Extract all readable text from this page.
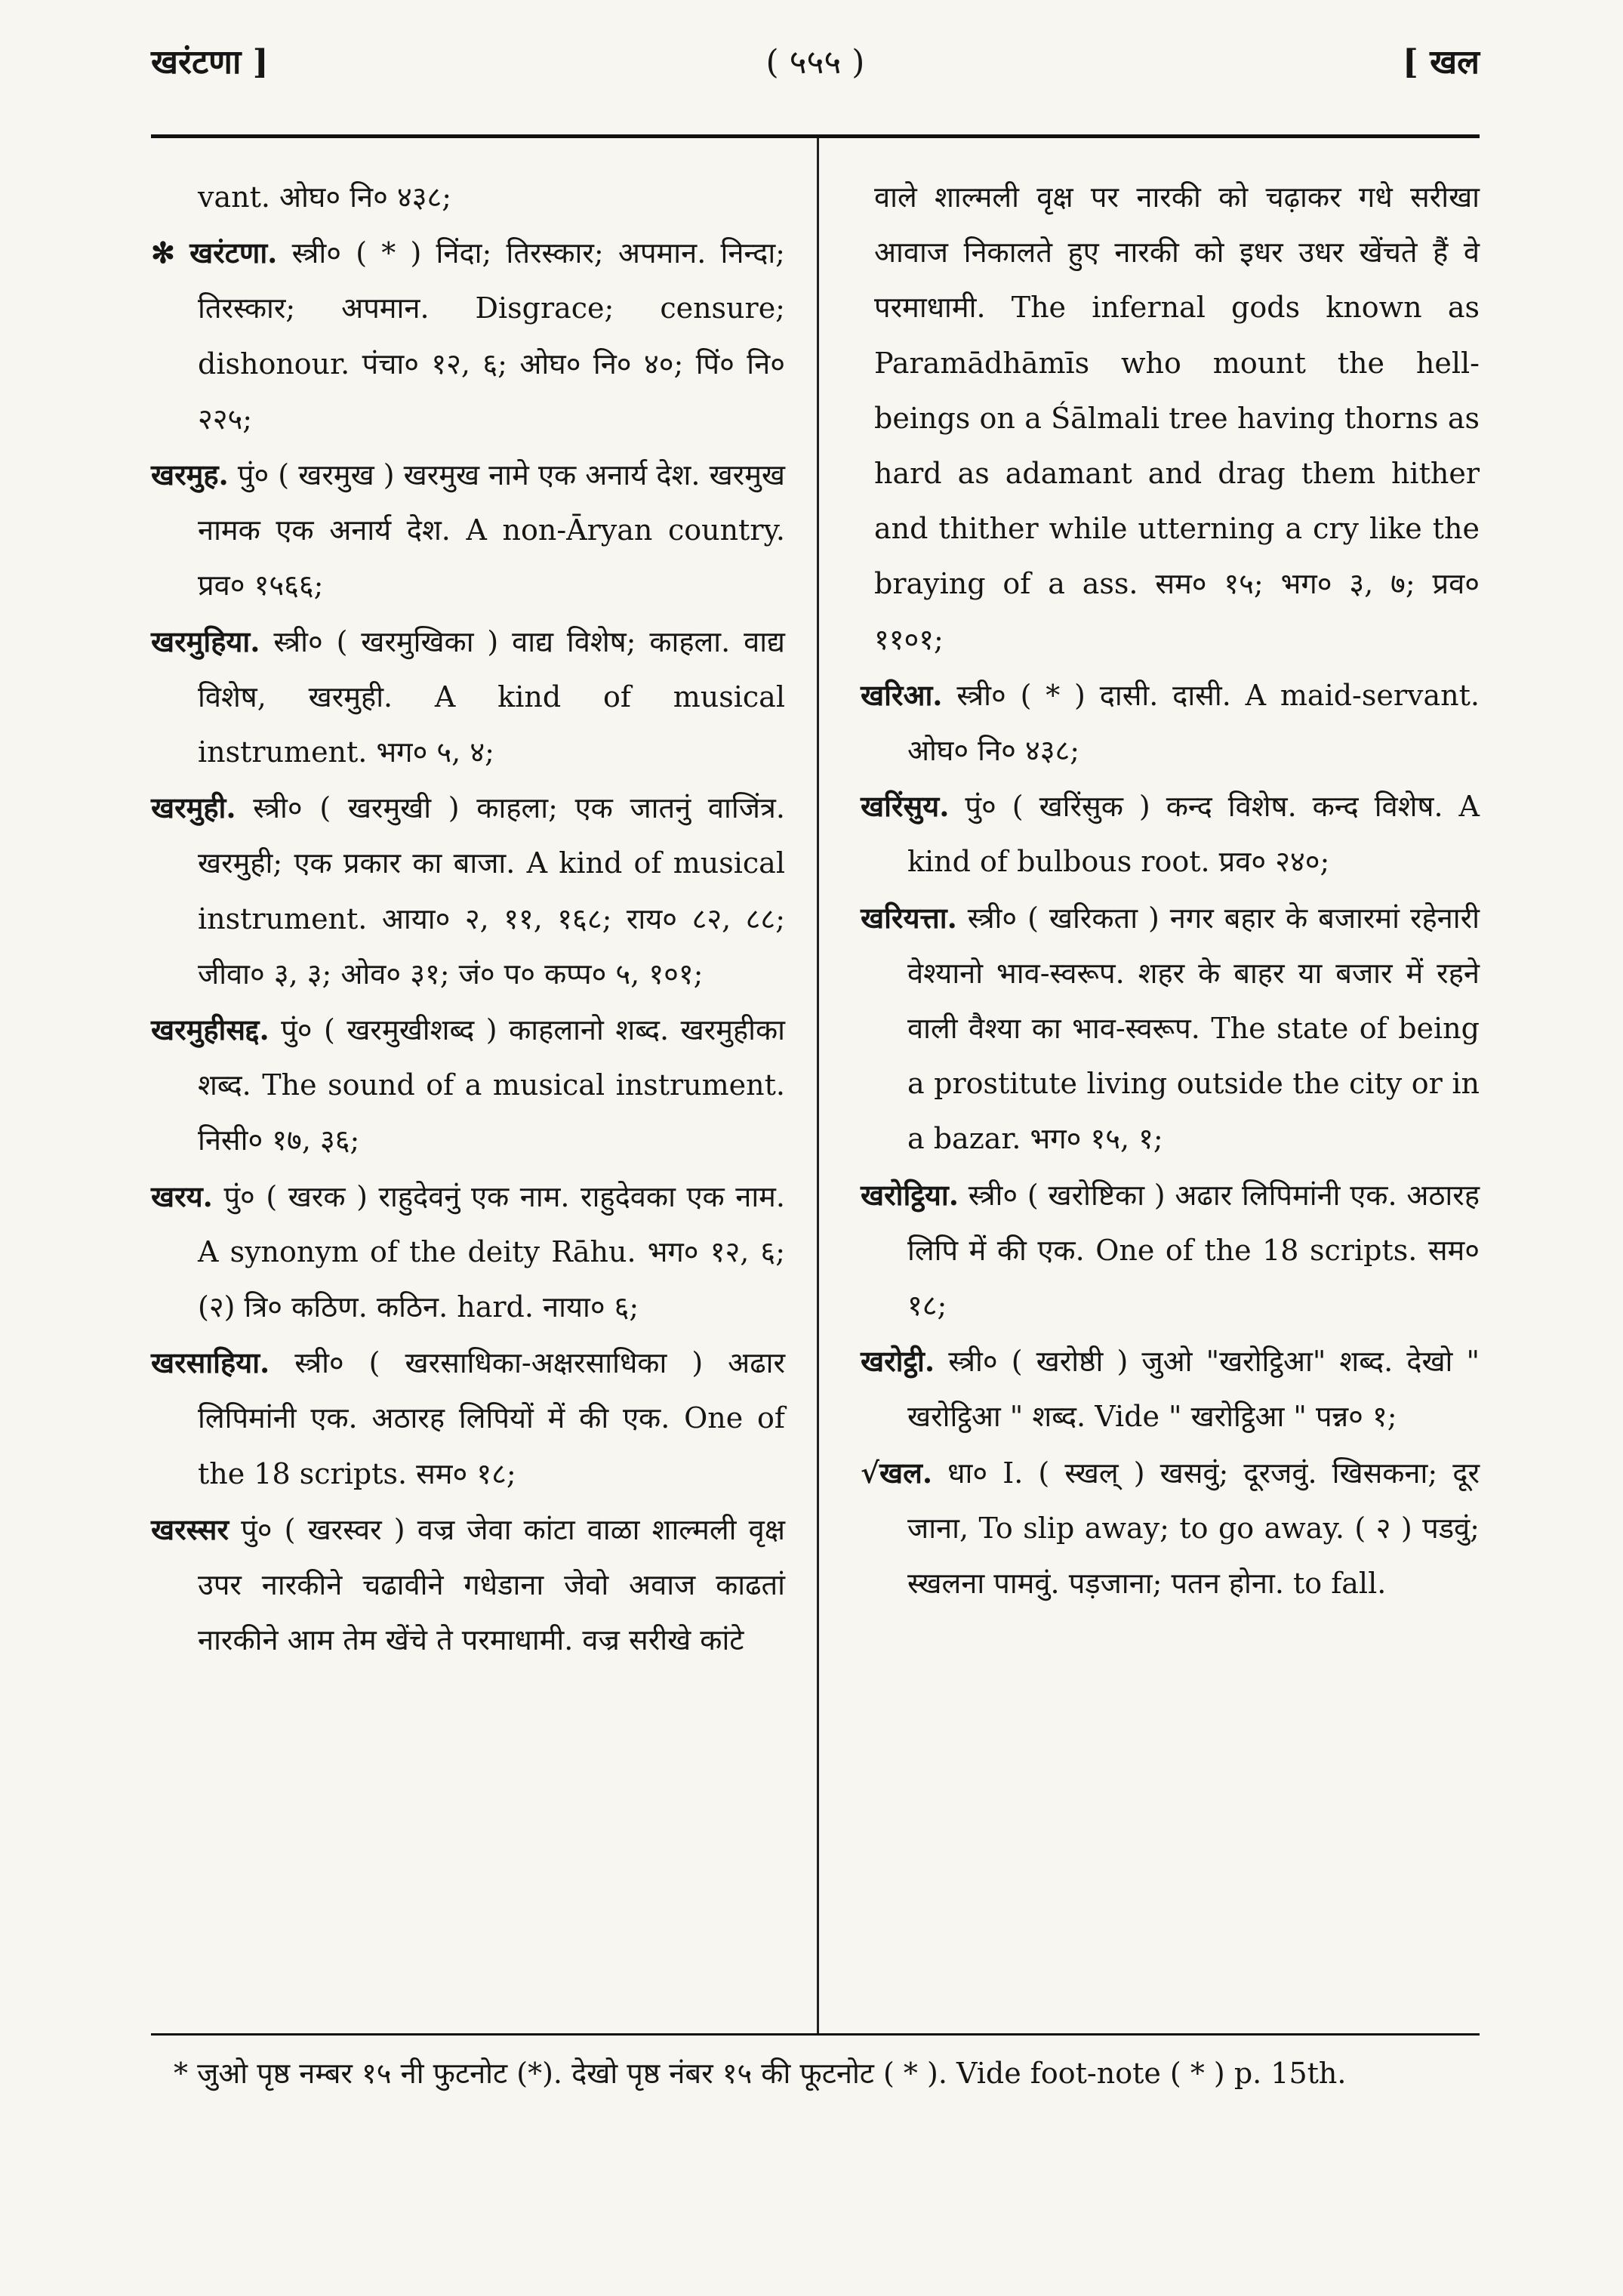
खरंटणा ]	( ५५५ )	[ खल

vant. ओघ० नि० ४३८;

✻ खरंटणा. स्त्री० ( * ) निंदा; तिरस्कार; अपमान. निन्दा; तिरस्कार; अपमान. Disgrace; censure; dishonour. पंचा० १२, ६; ओघ० नि० ४०; पिं० नि० २२५;

खरमुह. पुं० ( खरमुख ) खरमुख नामे एक अनार्य देश. खरमुख नामक एक अनार्य देश. A non-Āryan country. प्रव० १५६६;

खरमुहिया. स्त्री० ( खरमुखिका ) वाद्य विशेष; काहला. वाद्य विशेष, खरमुही. A kind of musical instrument. भग० ५, ४;

खरमुही. स्त्री० ( खरमुखी ) काहला; एक जातनुं वाजिंत्र. खरमुही; एक प्रकार का बाजा. A kind of musical instrument. आया० २, ११, १६८; राय० ८२, ८८; जीवा० ३, ३; ओव० ३१; जं० प० कप्प० ५, १०१;

खरमुहीसद्द. पुं० ( खरमुखीशब्द ) काहलानो शब्द. खरमुहीका शब्द. The sound of a musical instrument. निसी० १७, ३६;

खरय. पुं० ( खरक ) राहुदेवनुं एक नाम. राहुदेवका एक नाम. A synonym of the deity Rāhu. भग० १२, ६; (२) त्रि० कठिण. कठिन. hard. नाया० ६;

खरसाहिया. स्त्री० ( खरसाधिका-अक्षरसाधिका ) अढार लिपिमांनी एक. अठारह लिपियों में की एक. One of the 18 scripts. सम० १८;

खरस्सर पुं० ( खरस्वर ) वज्र जेवा कांटा वाळा शाल्मली वृक्ष उपर नारकीने चढावीने गधेडाना जेवो अवाज काढतां नारकीने आम तेम खेंचे ते परमाधामी. वज्र सरीखे कांटे

वाले शाल्मली वृक्ष पर नारकी को चढ़ाकर गधे सरीखा आवाज निकालते हुए नारकी को इधर उधर खेंचते हैं वे परमाधामी. The infernal gods known as Paramādhāmīs who mount the hell-beings on a Śālmali tree having thorns as hard as adamant and drag them hither and thither while utterning a cry like the braying of a ass. सम० १५; भग० ३, ७; प्रव० ११०१;

खरिआ. स्त्री० ( * ) दासी. दासी. A maid-servant. ओघ० नि० ४३८;

खरिंसुय. पुं० ( खरिंसुक ) कन्द विशेष. कन्द विशेष. A kind of bulbous root. प्रव० २४०;

खरियत्ता. स्त्री० ( खरिकता ) नगर बहार के बजारमां रहेनारी वेश्यानो भाव-स्वरूप. शहर के बाहर या बजार में रहने वाली वैश्या का भाव-स्वरूप. The state of being a prostitute living outside the city or in a bazar. भग० १५, १;

खरोट्ठिया. स्त्री० ( खरोष्टिका ) अढार लिपिमांनी एक. अठारह लिपि में की एक. One of the 18 scripts. सम० १८;

खरोट्ठी. स्त्री० ( खरोष्ठी ) जुओ "खरोट्ठिआ" शब्द. देखो " खरोट्ठिआ " शब्द. Vide " खरोट्ठिआ " पन्न० १;

√खल. धा० I. ( स्खल् ) खसवुं; दूरजवुं. खिसकना; दूर जाना, To slip away; to go away. ( २ ) पडवुं; स्खलना पामवुं. पड़जाना; पतन होना. to fall.

* जुओ पृष्ठ नम्बर १५ नी फुटनोट (*). देखो पृष्ठ नंबर १५ की फूटनोट ( * ). Vide foot-note ( * ) p. 15th.
